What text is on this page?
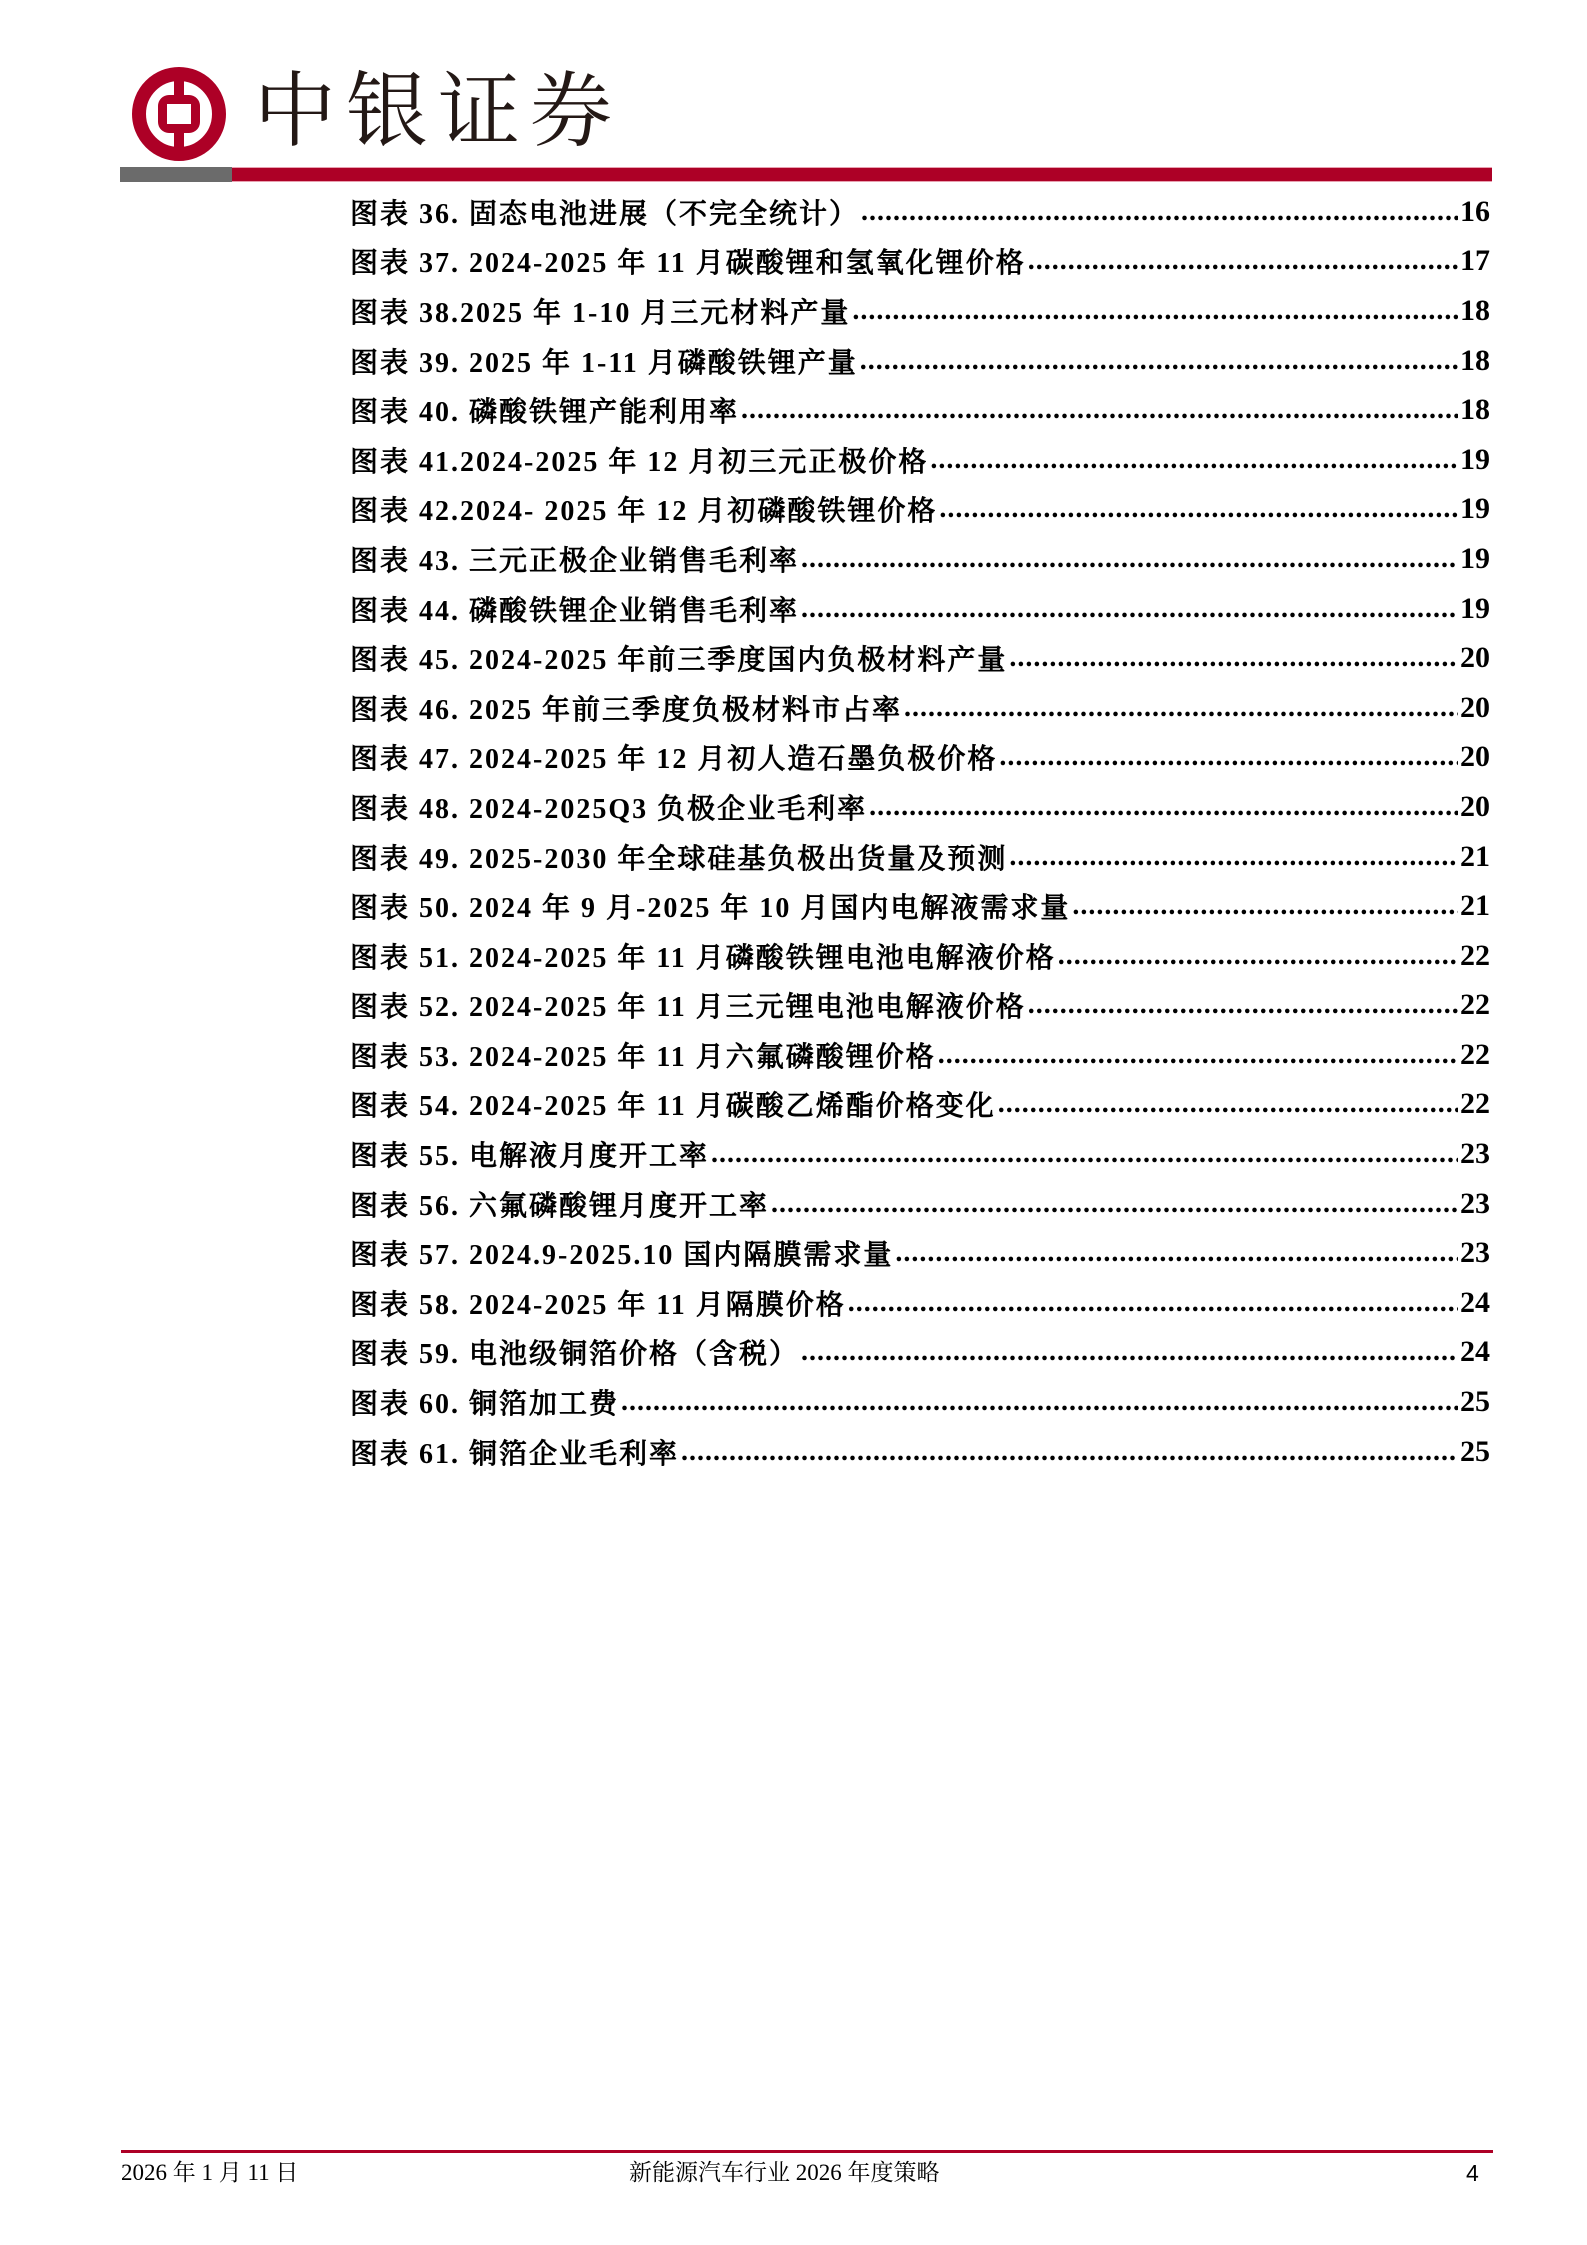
中银证券
图表 36. 固态电池进展（不完全统计） .....	16
图表 37. 2024-2025 年 11 月碳酸锂和氢氧化锂价格 .....	17
图表 38.2025 年 1-10 月三元材料产量 .....	18
图表 39. 2025 年 1-11 月磷酸铁锂产量 .....	18
图表 40. 磷酸铁锂产能利用率 .....	18
图表 41.2024-2025 年 12 月初三元正极价格 .....	19
图表 42.2024- 2025 年 12 月初磷酸铁锂价格 .....	19
图表 43. 三元正极企业销售毛利率 .....	19
图表 44. 磷酸铁锂企业销售毛利率 .....	19
图表 45. 2024-2025 年前三季度国内负极材料产量 .....	20
图表 46. 2025 年前三季度负极材料市占率 .....	20
图表 47. 2024-2025 年 12 月初人造石墨负极价格 .....	20
图表 48. 2024-2025Q3 负极企业毛利率 .....	20
图表 49. 2025-2030 年全球硅基负极出货量及预测 .....	21
图表 50. 2024 年 9 月-2025 年 10 月国内电解液需求量 .....	21
图表 51. 2024-2025 年 11 月磷酸铁锂电池电解液价格 .....	22
图表 52. 2024-2025 年 11 月三元锂电池电解液价格 .....	22
图表 53. 2024-2025 年 11 月六氟磷酸锂价格 .....	22
图表 54. 2024-2025 年 11 月碳酸乙烯酯价格变化 .....	22
图表 55. 电解液月度开工率 .....	23
图表 56. 六氟磷酸锂月度开工率 .....	23
图表 57. 2024.9-2025.10 国内隔膜需求量 .....	23
图表 58. 2024-2025 年 11 月隔膜价格 .....	24
图表 59. 电池级铜箔价格（含税） .....	24
图表 60. 铜箔加工费 .....	25
图表 61. 铜箔企业毛利率 .....	25
2026 年 1 月 11 日	新能源汽车行业 2026 年度策略	4
